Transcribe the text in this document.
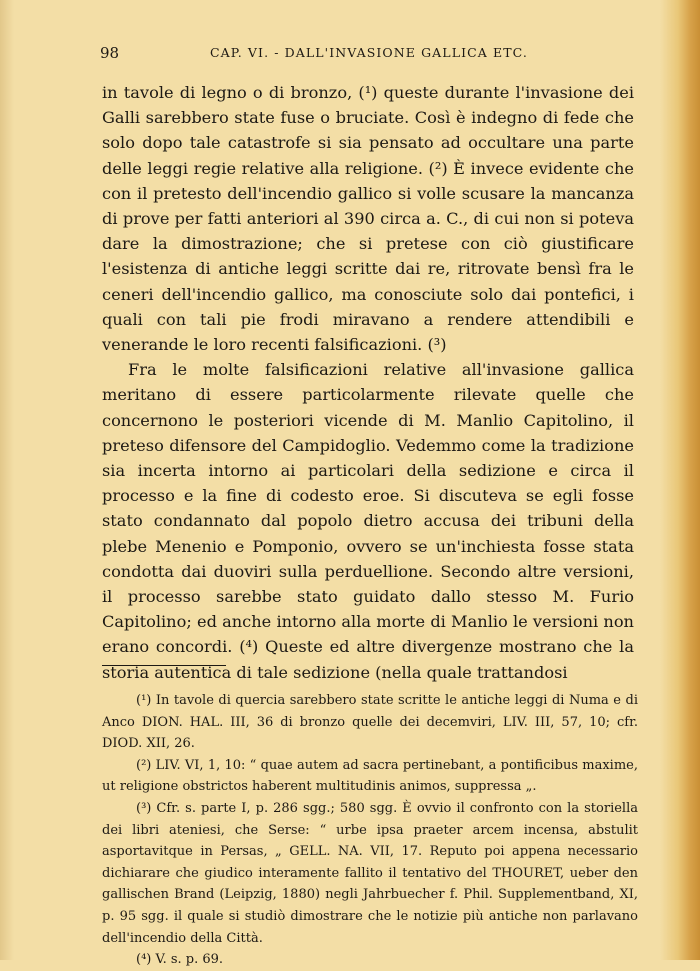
98	CAP. VI. - DALL'INVASIONE GALLICA ETC.

in tavole di legno o di bronzo, (¹) queste durante l'invasione dei Galli sarebbero state fuse o bruciate. Così è indegno di fede che solo dopo tale catastrofe si sia pensato ad occultare una parte delle leggi regie relative alla religione. (²) È invece evidente che con il pretesto dell'incendio gallico si volle scusare la mancanza di prove per fatti anteriori al 390 circa a. C., di cui non si poteva dare la dimostrazione; che si pretese con ciò giustificare l'esistenza di antiche leggi scritte dai re, ritrovate bensì fra le ceneri dell'incendio gallico, ma conosciute solo dai pontefici, i quali con tali pie frodi miravano a rendere attendibili e venerande le loro recenti falsificazioni. (³)

Fra le molte falsificazioni relative all'invasione gallica meritano di essere particolarmente rilevate quelle che concernono le posteriori vicende di M. Manlio Capitolino, il preteso difensore del Campidoglio. Vedemmo come la tradizione sia incerta intorno ai particolari della sedizione e circa il processo e la fine di codesto eroe. Si discuteva se egli fosse stato condannato dal popolo dietro accusa dei tribuni della plebe Menenio e Pomponio, ovvero se un'inchiesta fosse stata condotta dai duoviri sulla perduellione. Secondo altre versioni, il processo sarebbe stato guidato dallo stesso M. Furio Capitolino; ed anche intorno alla morte di Manlio le versioni non erano concordi. (⁴) Queste ed altre divergenze mostrano che la storia autentica di tale sedizione (nella quale trattandosi

(¹) In tavole di quercia sarebbero state scritte le antiche leggi di Numa e di Anco DION. HAL. III, 36 di bronzo quelle dei decemviri, LIV. III, 57, 10; cfr. DIOD. XII, 26.

(²) LIV. VI, 1, 10: “ quae autem ad sacra pertinebant, a pontificibus maxime, ut religione obstrictos haberent multitudinis animos, suppressa „.

(³) Cfr. s. parte I, p. 286 sgg.; 580 sgg. È ovvio il confronto con la storiella dei libri ateniesi, che Serse: “ urbe ipsa praeter arcem incensa, abstulit asportavitque in Persas, „ GELL. NA. VII, 17. Reputo poi appena necessario dichiarare che giudico interamente fallito il tentativo del THOURET, ueber den gallischen Brand (Leipzig, 1880) negli Jahrbuecher f. Phil. Supplementband, XI, p. 95 sgg. il quale si studiò dimostrare che le notizie più antiche non parlavano dell'incendio della Città.

(⁴) V. s. p. 69.
